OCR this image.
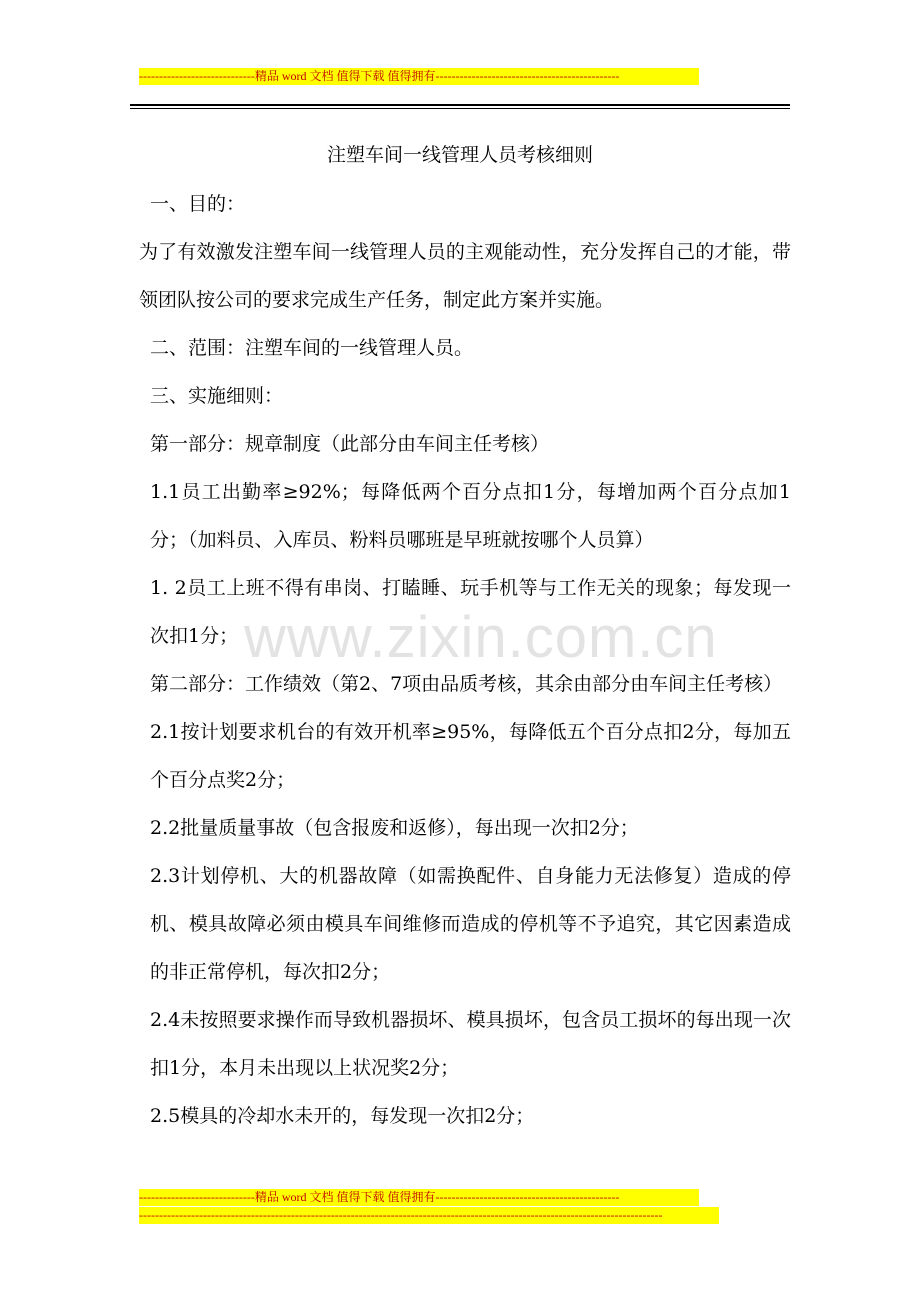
-----------------------------精品 word 文档 值得下载 值得拥有----------------------------------------------
www.zixin.com.cn
注塑车间一线管理人员考核细则

一、目的：

为了有效激发注塑车间一线管理人员的主观能动性，充分发挥自己的才能，带领团队按公司的要求完成生产任务，制定此方案并实施。

二、范围：注塑车间的一线管理人员。

三、实施细则：

第一部分：规章制度（此部分由车间主任考核）

1.1员工出勤率≥92%；每降低两个百分点扣1分，每增加两个百分点加1分；（加料员、入库员、粉料员哪班是早班就按哪个人员算）

1. 2员工上班不得有串岗、打瞌睡、玩手机等与工作无关的现象；每发现一次扣1分；

第二部分：工作绩效（第2、7项由品质考核，其余由部分由车间主任考核）

2.1按计划要求机台的有效开机率≥95%，每降低五个百分点扣2分，每加五个百分点奖2分；

2.2批量质量事故（包含报废和返修），每出现一次扣2分；

2.3计划停机、大的机器故障（如需换配件、自身能力无法修复）造成的停机、模具故障必须由模具车间维修而造成的停机等不予追究，其它因素造成的非正常停机，每次扣2分；

2.4未按照要求操作而导致机器损坏、模具损坏，包含员工损坏的每出现一次扣1分，本月未出现以上状况奖2分；

2.5模具的冷却水未开的，每发现一次扣2分；

-----------------------------精品 word 文档 值得下载 值得拥有----------------------------------------------
-----------------------------------------------------------------------------------------------------------------------------------
